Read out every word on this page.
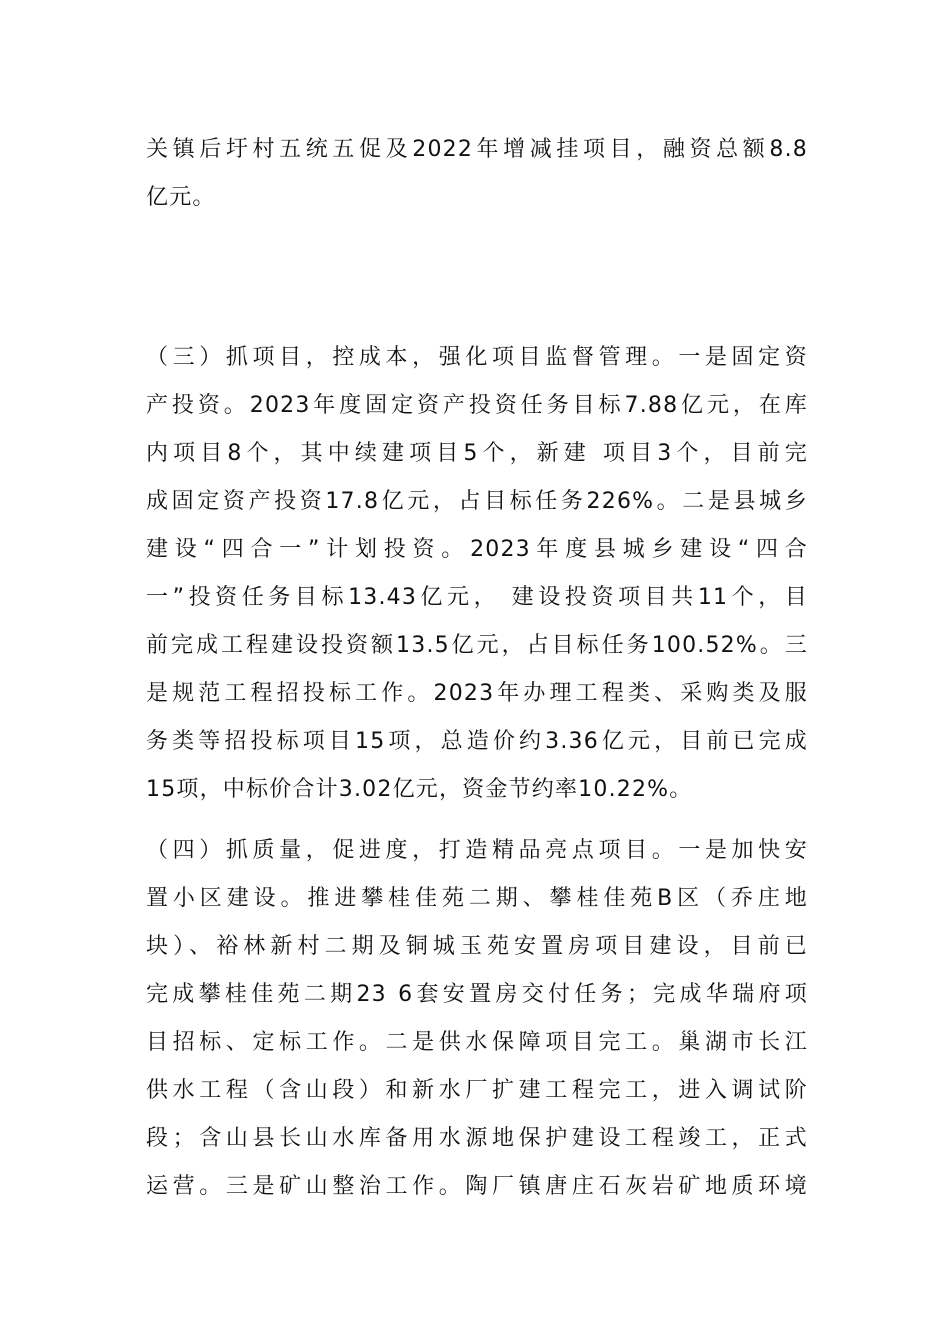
关镇后圩村五统五促及2022年增减挂项目，融资总额8.8
亿元。
（三）抓项目，控成本，强化项目监督管理。一是固定资
产投资。2023年度固定资产投资任务目标7.88亿元，在库
内项目8个，其中续建项目5个，新建 项目3个，目前完
成固定资产投资17.8亿元，占目标任务226%。二是县城乡
建设“四合一”计划投资。2023年度县城乡建设“四合
一”投资任务目标13.43亿元， 建设投资项目共11个，目
前完成工程建设投资额13.5亿元，占目标任务100.52%。三
是规范工程招投标工作。2023年办理工程类、采购类及服
务类等招投标项目15项，总造价约3.36亿元，目前已完成
15项，中标价合计3.02亿元，资金节约率10.22%。
（四）抓质量，促进度，打造精品亮点项目。一是加快安
置小区建设。推进攀桂佳苑二期、攀桂佳苑B区（乔庄地
块）、裕林新村二期及铜城玉苑安置房项目建设，目前已
完成攀桂佳苑二期23 6套安置房交付任务；完成华瑞府项
目招标、定标工作。二是供水保障项目完工。巢湖市长江
供水工程（含山段）和新水厂扩建工程完工，进入调试阶
段；含山县长山水库备用水源地保护建设工程竣工，正式
运营。三是矿山整治工作。陶厂镇唐庄石灰岩矿地质环境
